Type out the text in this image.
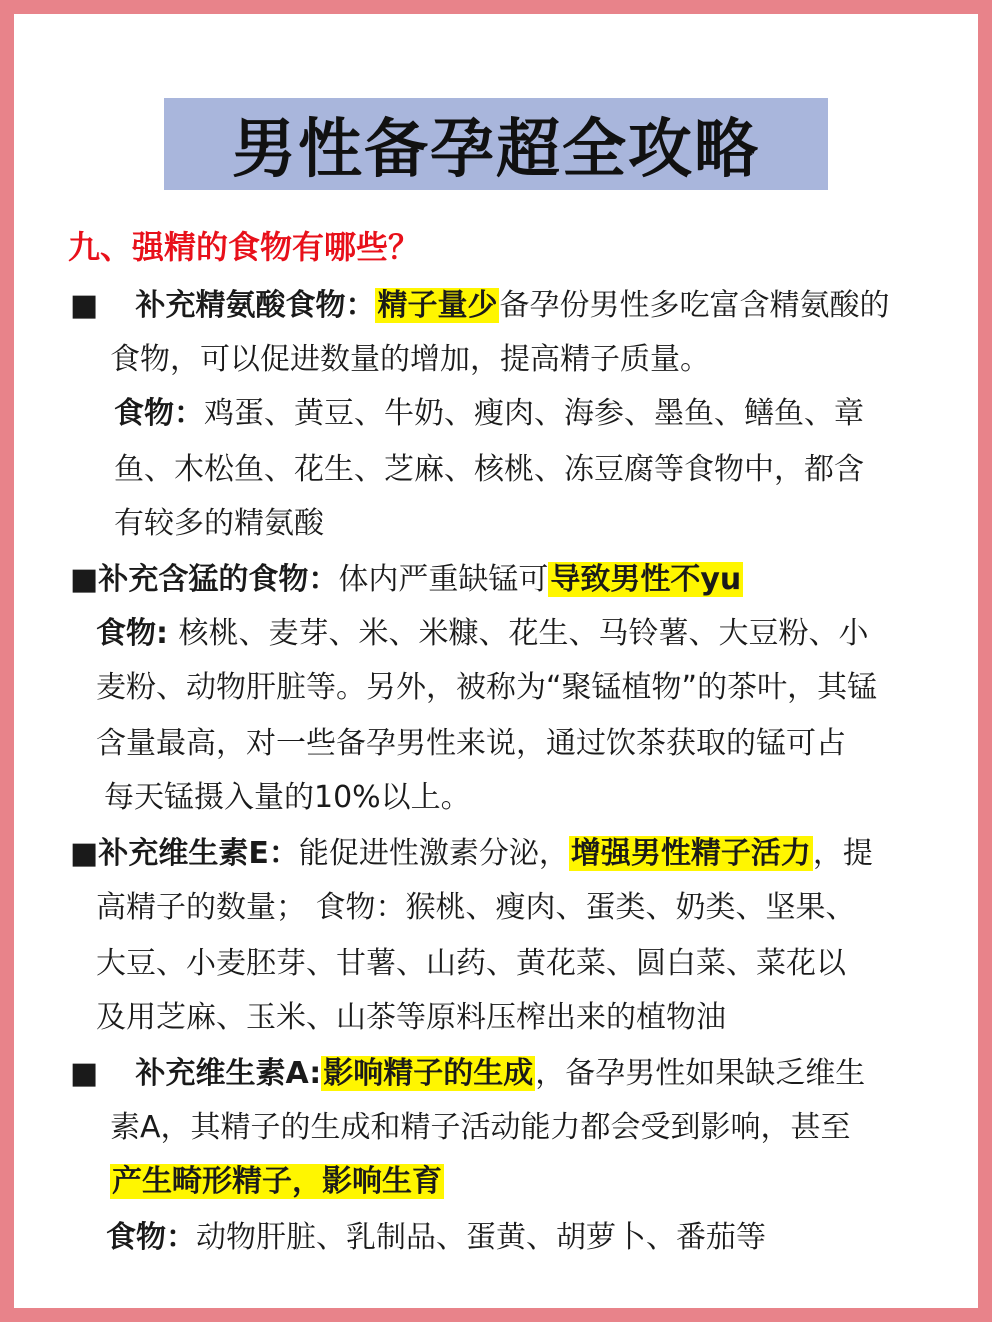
男性备孕超全攻略
九、强精的食物有哪些？
■ 补充精氨酸食物：精子量少备孕份男性多吃富含精氨酸的
食物，可以促进数量的增加，提高精子质量。
食物：鸡蛋、黄豆、牛奶、瘦肉、海参、墨鱼、鳝鱼、章
鱼、木松鱼、花生、芝麻、核桃、冻豆腐等食物中，都含
有较多的精氨酸
■补充含猛的食物：体内严重缺锰可导致男性不yu
食物: 核桃、麦芽、米、米糠、花生、马铃薯、大豆粉、小
麦粉、动物肝脏等。另外，被称为“聚锰植物”的茶叶，其锰
含量最高，对一些备孕男性来说，通过饮茶获取的锰可占
每天锰摄入量的10%以上。
■补充维生素E：能促进性激素分泌，增强男性精子活力，提
高精子的数量； 食物：猴桃、瘦肉、蛋类、奶类、坚果、
大豆、小麦胚芽、甘薯、山药、黄花菜、圆白菜、菜花以
及用芝麻、玉米、山茶等原料压榨出来的植物油
■ 补充维生素A:影响精子的生成，备孕男性如果缺乏维生
素A，其精子的生成和精子活动能力都会受到影响，甚至
产生畸形精子，影响生育
食物：动物肝脏、乳制品、蛋黄、胡萝卜、番茄等
